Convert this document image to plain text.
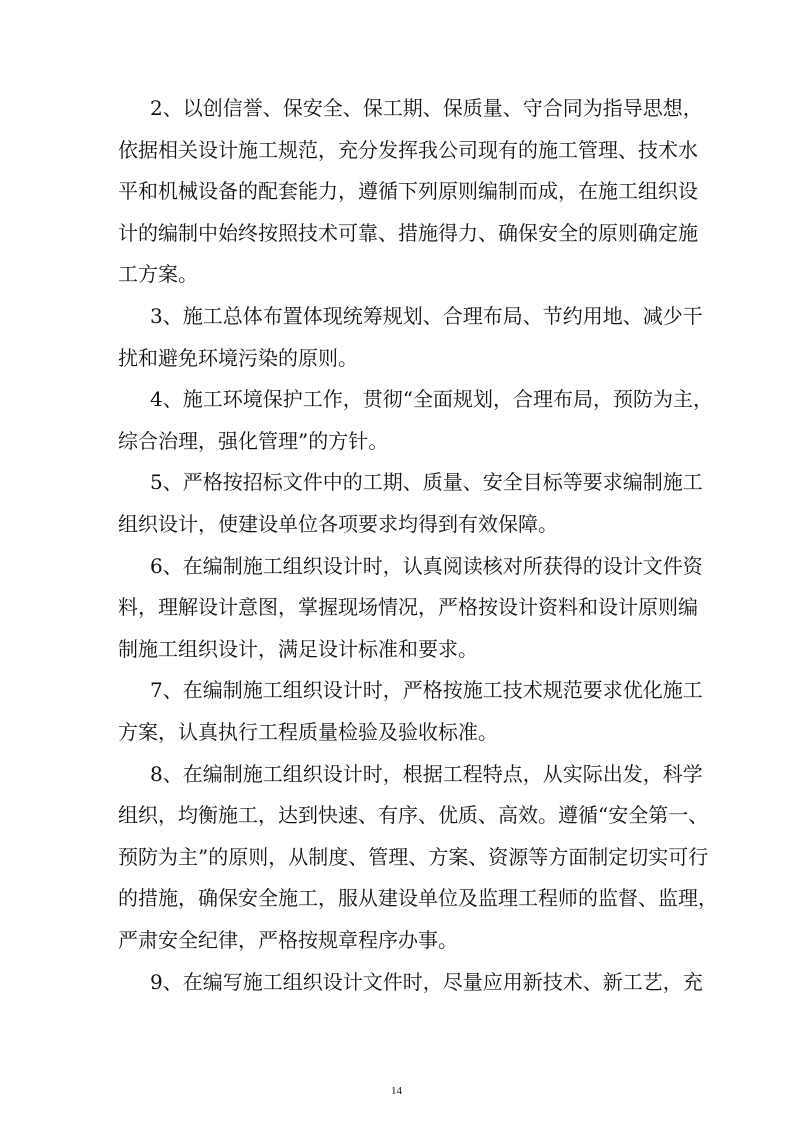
2、以创信誉、保安全、保工期、保质量、守合同为指导思想，
依据相关设计施工规范，充分发挥我公司现有的施工管理、技术水
平和机械设备的配套能力，遵循下列原则编制而成，在施工组织设
计的编制中始终按照技术可靠、措施得力、确保安全的原则确定施
工方案。
3、施工总体布置体现统筹规划、合理布局、节约用地、减少干
扰和避免环境污染的原则。
4、施工环境保护工作，贯彻“全面规划，合理布局，预防为主，
综合治理，强化管理”的方针。
5、严格按招标文件中的工期、质量、安全目标等要求编制施工
组织设计，使建设单位各项要求均得到有效保障。
6、在编制施工组织设计时，认真阅读核对所获得的设计文件资
料，理解设计意图，掌握现场情况，严格按设计资料和设计原则编
制施工组织设计，满足设计标准和要求。
7、在编制施工组织设计时，严格按施工技术规范要求优化施工
方案，认真执行工程质量检验及验收标准。
8、在编制施工组织设计时，根据工程特点，从实际出发，科学
组织，均衡施工，达到快速、有序、优质、高效。遵循“安全第一、
预防为主”的原则，从制度、管理、方案、资源等方面制定切实可行
的措施，确保安全施工，服从建设单位及监理工程师的监督、监理，
严肃安全纪律，严格按规章程序办事。
9、在编写施工组织设计文件时，尽量应用新技术、新工艺，充
14
